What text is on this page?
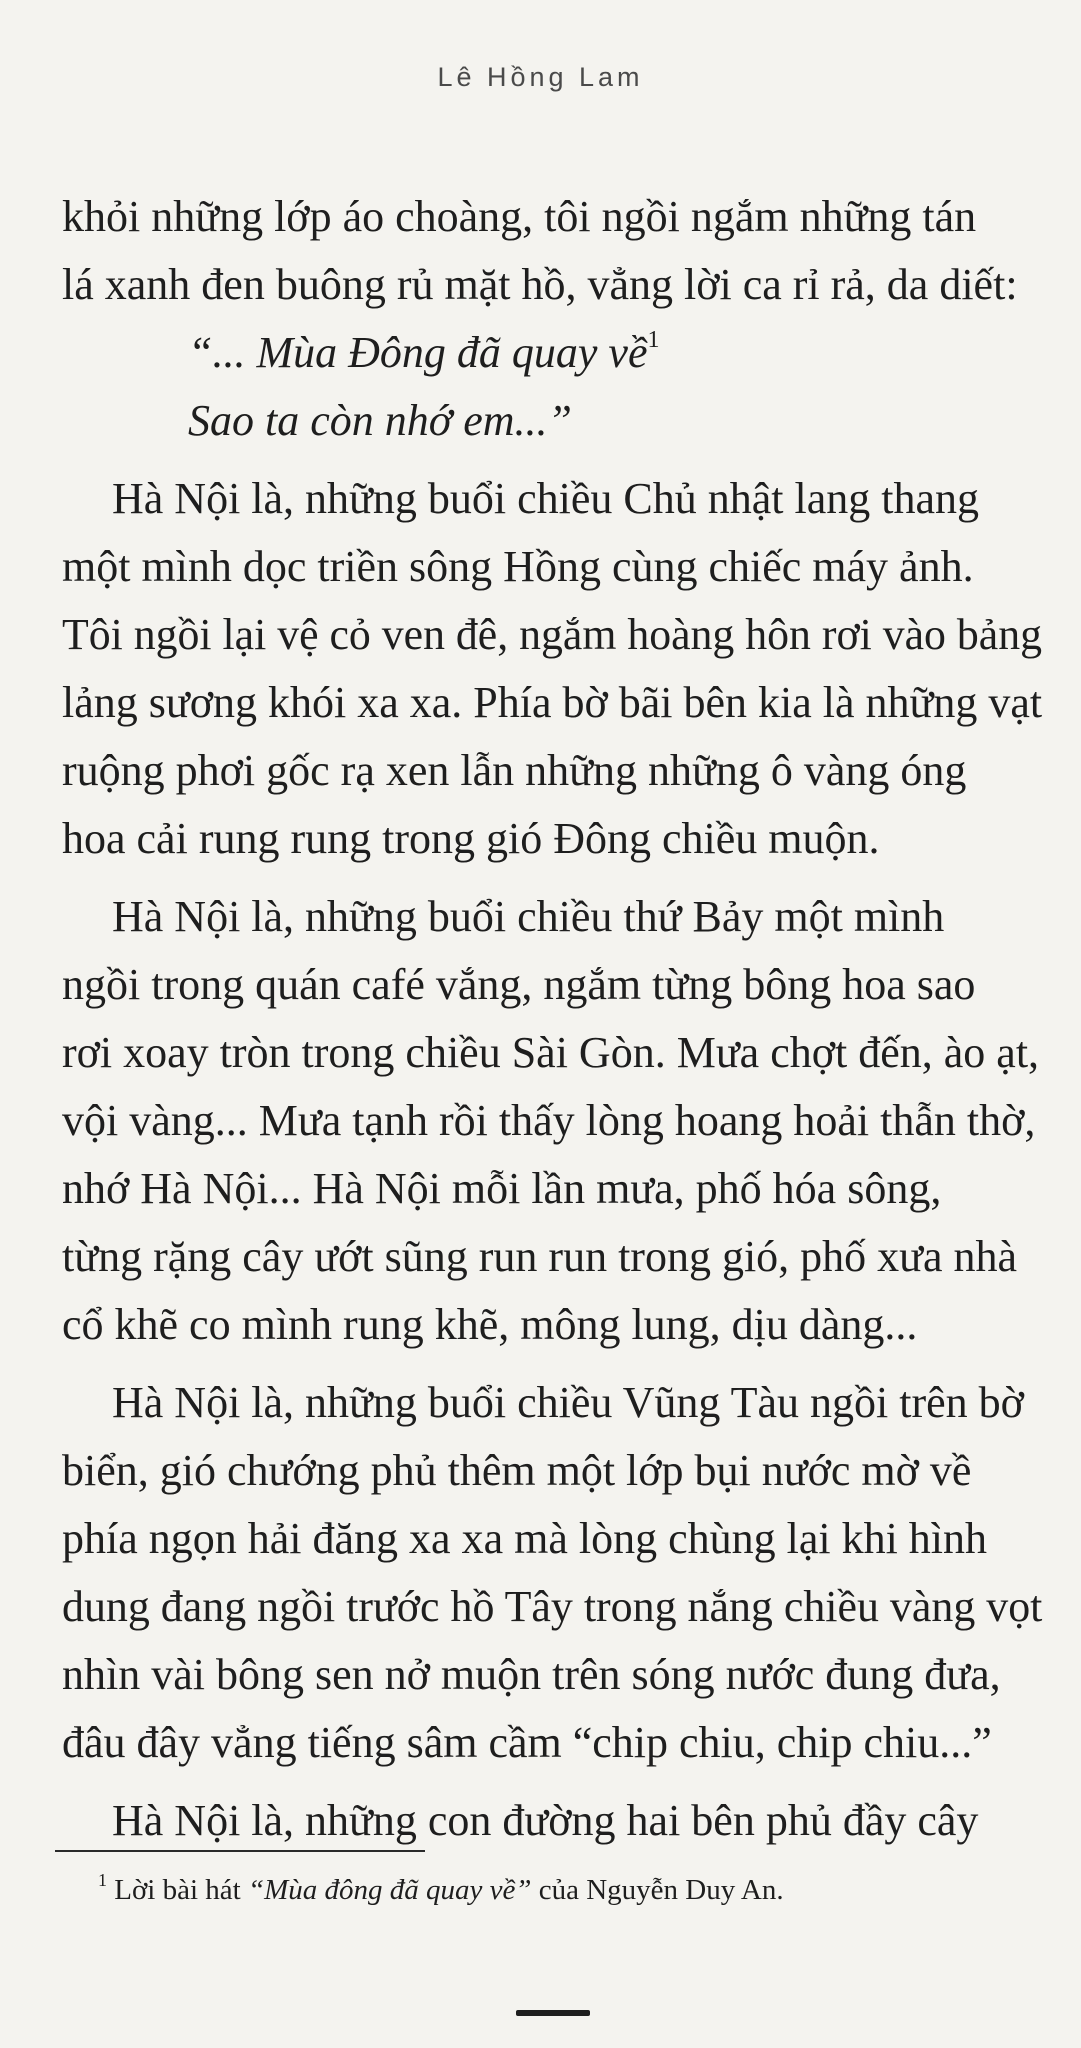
Lê Hồng Lam
khỏi những lớp áo choàng, tôi ngồi ngắm những tán
lá xanh đen buông rủ mặt hồ, vẳng lời ca rỉ rả, da diết:
“... Mùa Đông đã quay về$^1$
Sao ta còn nhớ em...”
Hà Nội là, những buổi chiều Chủ nhật lang thang
một mình dọc triền sông Hồng cùng chiếc máy ảnh.
Tôi ngồi lại vệ cỏ ven đê, ngắm hoàng hôn rơi vào bảng
lảng sương khói xa xa. Phía bờ bãi bên kia là những vạt
ruộng phơi gốc rạ xen lẫn những những ô vàng óng
hoa cải rung rung trong gió Đông chiều muộn.
Hà Nội là, những buổi chiều thứ Bảy một mình
ngồi trong quán café vắng, ngắm từng bông hoa sao
rơi xoay tròn trong chiều Sài Gòn. Mưa chợt đến, ào ạt,
vội vàng... Mưa tạnh rồi thấy lòng hoang hoải thẫn thờ,
nhớ Hà Nội... Hà Nội mỗi lần mưa, phố hóa sông,
từng rặng cây ướt sũng run run trong gió, phố xưa nhà
cổ khẽ co mình rung khẽ, mông lung, dịu dàng...
Hà Nội là, những buổi chiều Vũng Tàu ngồi trên bờ
biển, gió chướng phủ thêm một lớp bụi nước mờ về
phía ngọn hải đăng xa xa mà lòng chùng lại khi hình
dung đang ngồi trước hồ Tây trong nắng chiều vàng vọt
nhìn vài bông sen nở muộn trên sóng nước đung đưa,
đâu đây vẳng tiếng sâm cầm “chip chiu, chip chiu...”
Hà Nội là, những con đường hai bên phủ đầy cây
$^1$ Lời bài hát “Mùa đông đã quay về” của Nguyễn Duy An.
